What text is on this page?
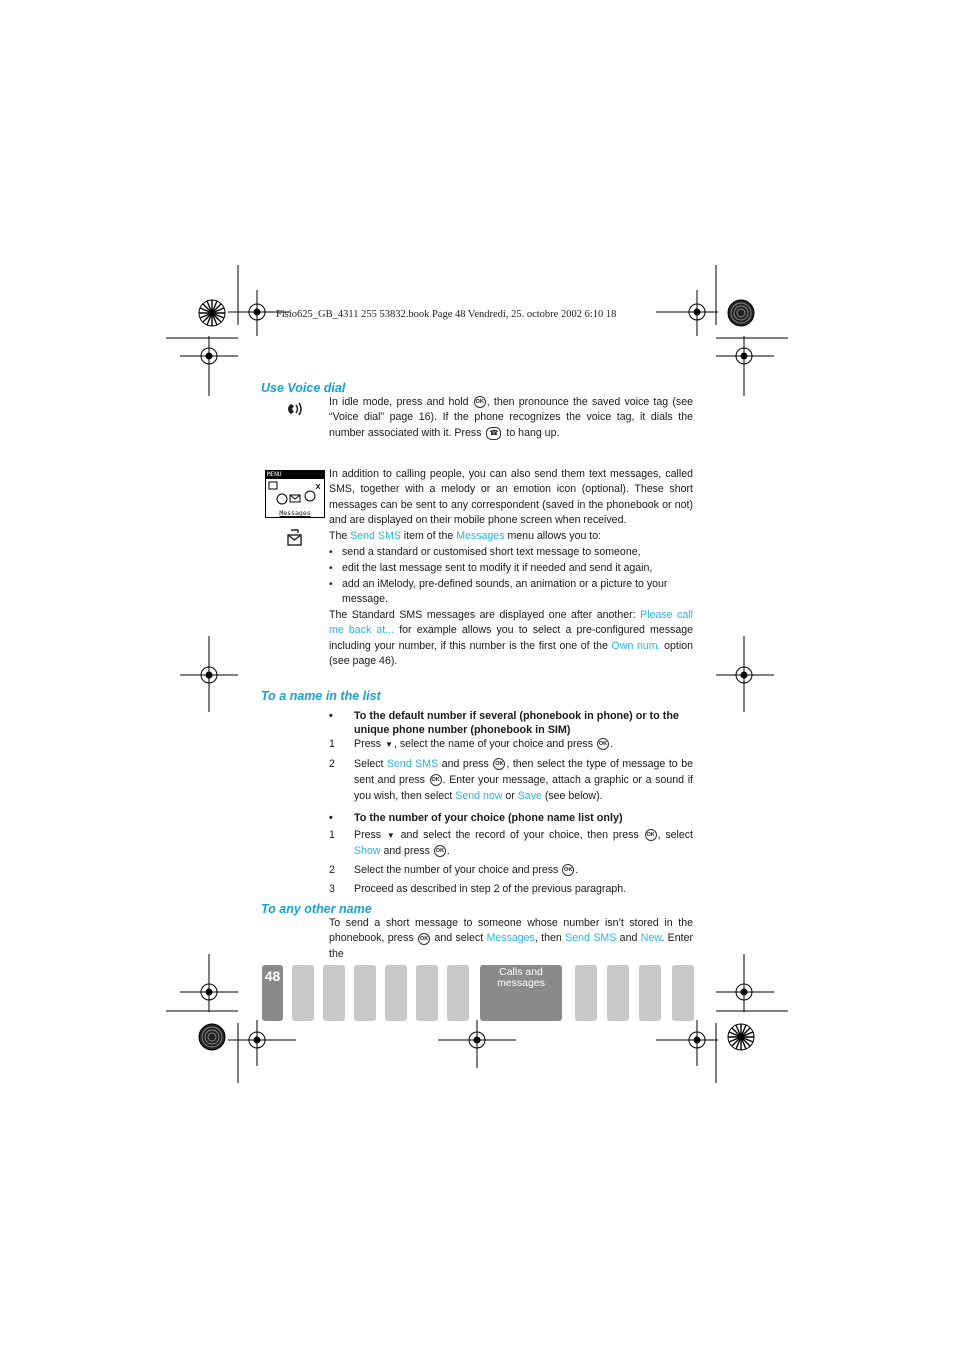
Fisio625_GB_4311 255 53832.book Page 48 Vendredi, 25. octobre 2002 6:10 18
Use Voice dial
In idle mode, press and hold OK , then pronounce the saved voice tag (see “Voice dial” page 16). If the phone recognizes the voice tag, it dials the number associated with it. Press ☎ to hang up.
MENU
Messages
In addition to calling people, you can also send them text messages, called SMS, together with a melody or an emotion icon (optional). These short messages can be sent to any correspondent (saved in the phonebook or not) and are displayed on their mobile phone screen when received.
The Send SMS item of the Messages menu allows you to:
• send a standard or customised short text message to someone,
• edit the last message sent to modify it if needed and send it again,
• add an iMelody, pre-defined sounds, an animation or a picture to your message.
The Standard SMS messages are displayed one after another: Please call me back at... for example allows you to select a pre-configured message including your number, if this number is the first one of the Own num. option (see page 46).
To a name in the list
• To the default number if several (phonebook in phone) or to the unique phone number (phonebook in SIM)
1 Press ▼, select the name of your choice and press OK .
2 Select Send SMS and press OK , then select the type of message to be sent and press OK . Enter your message, attach a graphic or a sound if you wish, then select Send now or Save (see below).
• To the number of your choice (phone name list only)
1 Press ▼ and select the record of your choice, then press OK , select Show and press OK .
2 Select the number of your choice and press OK .
3 Proceed as described in step 2 of the previous paragraph.
To any other name
To send a short message to someone whose number isn’t stored in the phonebook, press OK and select Messages, then Send SMS and New. Enter the
48	Calls and
messages
